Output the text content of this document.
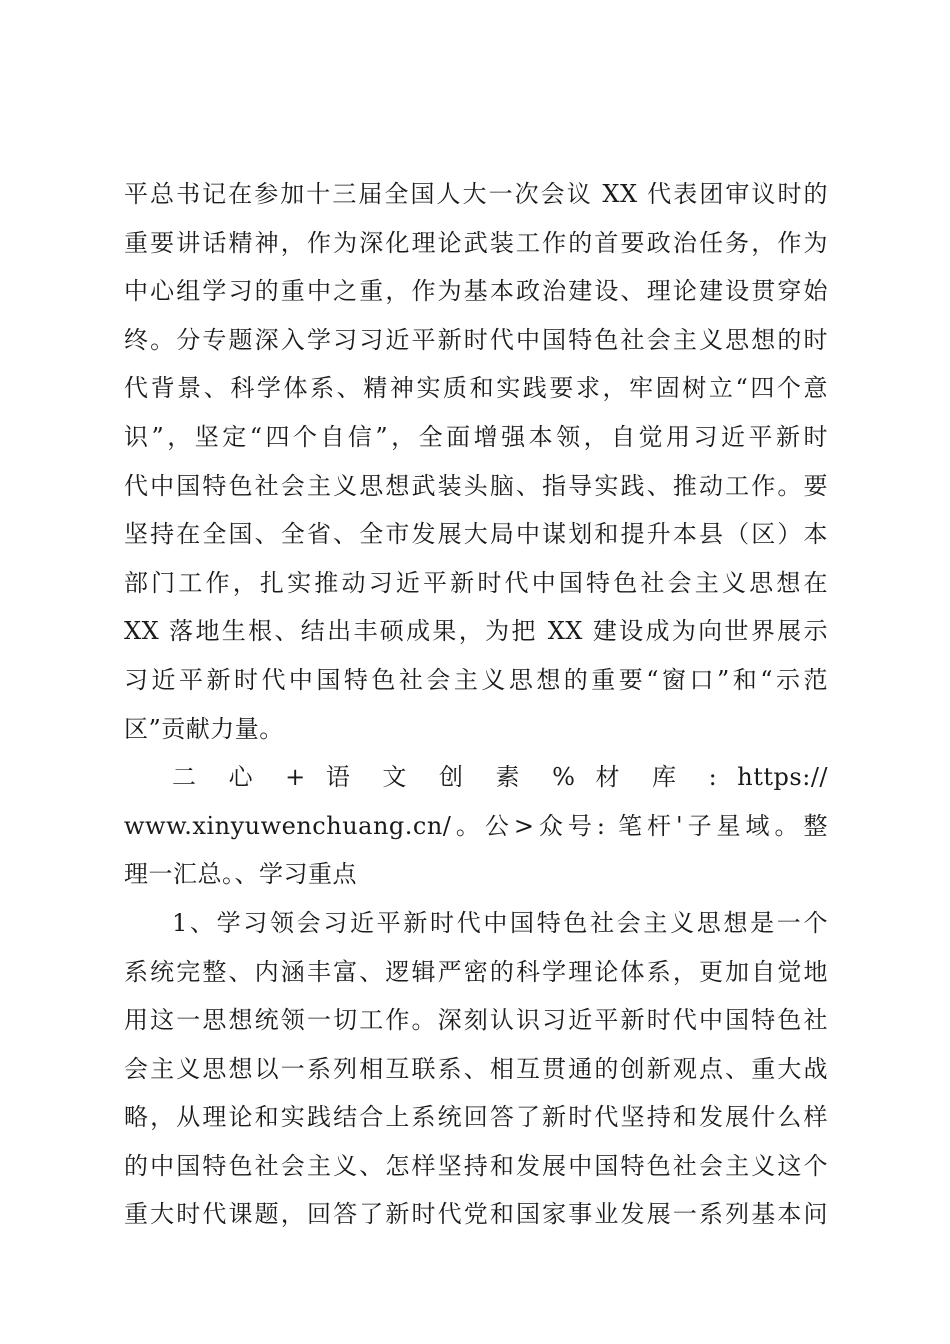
平总书记在参加十三届全国人大一次会议 XX 代表团审议时的
重要讲话精神，作为深化理论武装工作的首要政治任务，作为
中心组学习的重中之重，作为基本政治建设、理论建设贯穿始
终。分专题深入学习习近平新时代中国特色社会主义思想的时
代背景、科学体系、精神实质和实践要求，牢固树立“四个意
识”，坚定“四个自信”，全面增强本领，自觉用习近平新时
代中国特色社会主义思想武装头脑、指导实践、推动工作。要
坚持在全国、全省、全市发展大局中谋划和提升本县（区）本
部门工作，扎实推动习近平新时代中国特色社会主义思想在
XX 落地生根、结出丰硕成果，为把 XX 建设成为向世界展示
习近平新时代中国特色社会主义思想的重要“窗口”和“示范
区”贡献力量。
二 心 + 语 文 创 素 % 材 库 : https://
www.xinyuwenchuang.cn/。公>众号: 笔杆'子星域。整
理一汇总。、学习重点
1、学习领会习近平新时代中国特色社会主义思想是一个
系统完整、内涵丰富、逻辑严密的科学理论体系，更加自觉地
用这一思想统领一切工作。深刻认识习近平新时代中国特色社
会主义思想以一系列相互联系、相互贯通的创新观点、重大战
略，从理论和实践结合上系统回答了新时代坚持和发展什么样
的中国特色社会主义、怎样坚持和发展中国特色社会主义这个
重大时代课题，回答了新时代党和国家事业发展一系列基本问
